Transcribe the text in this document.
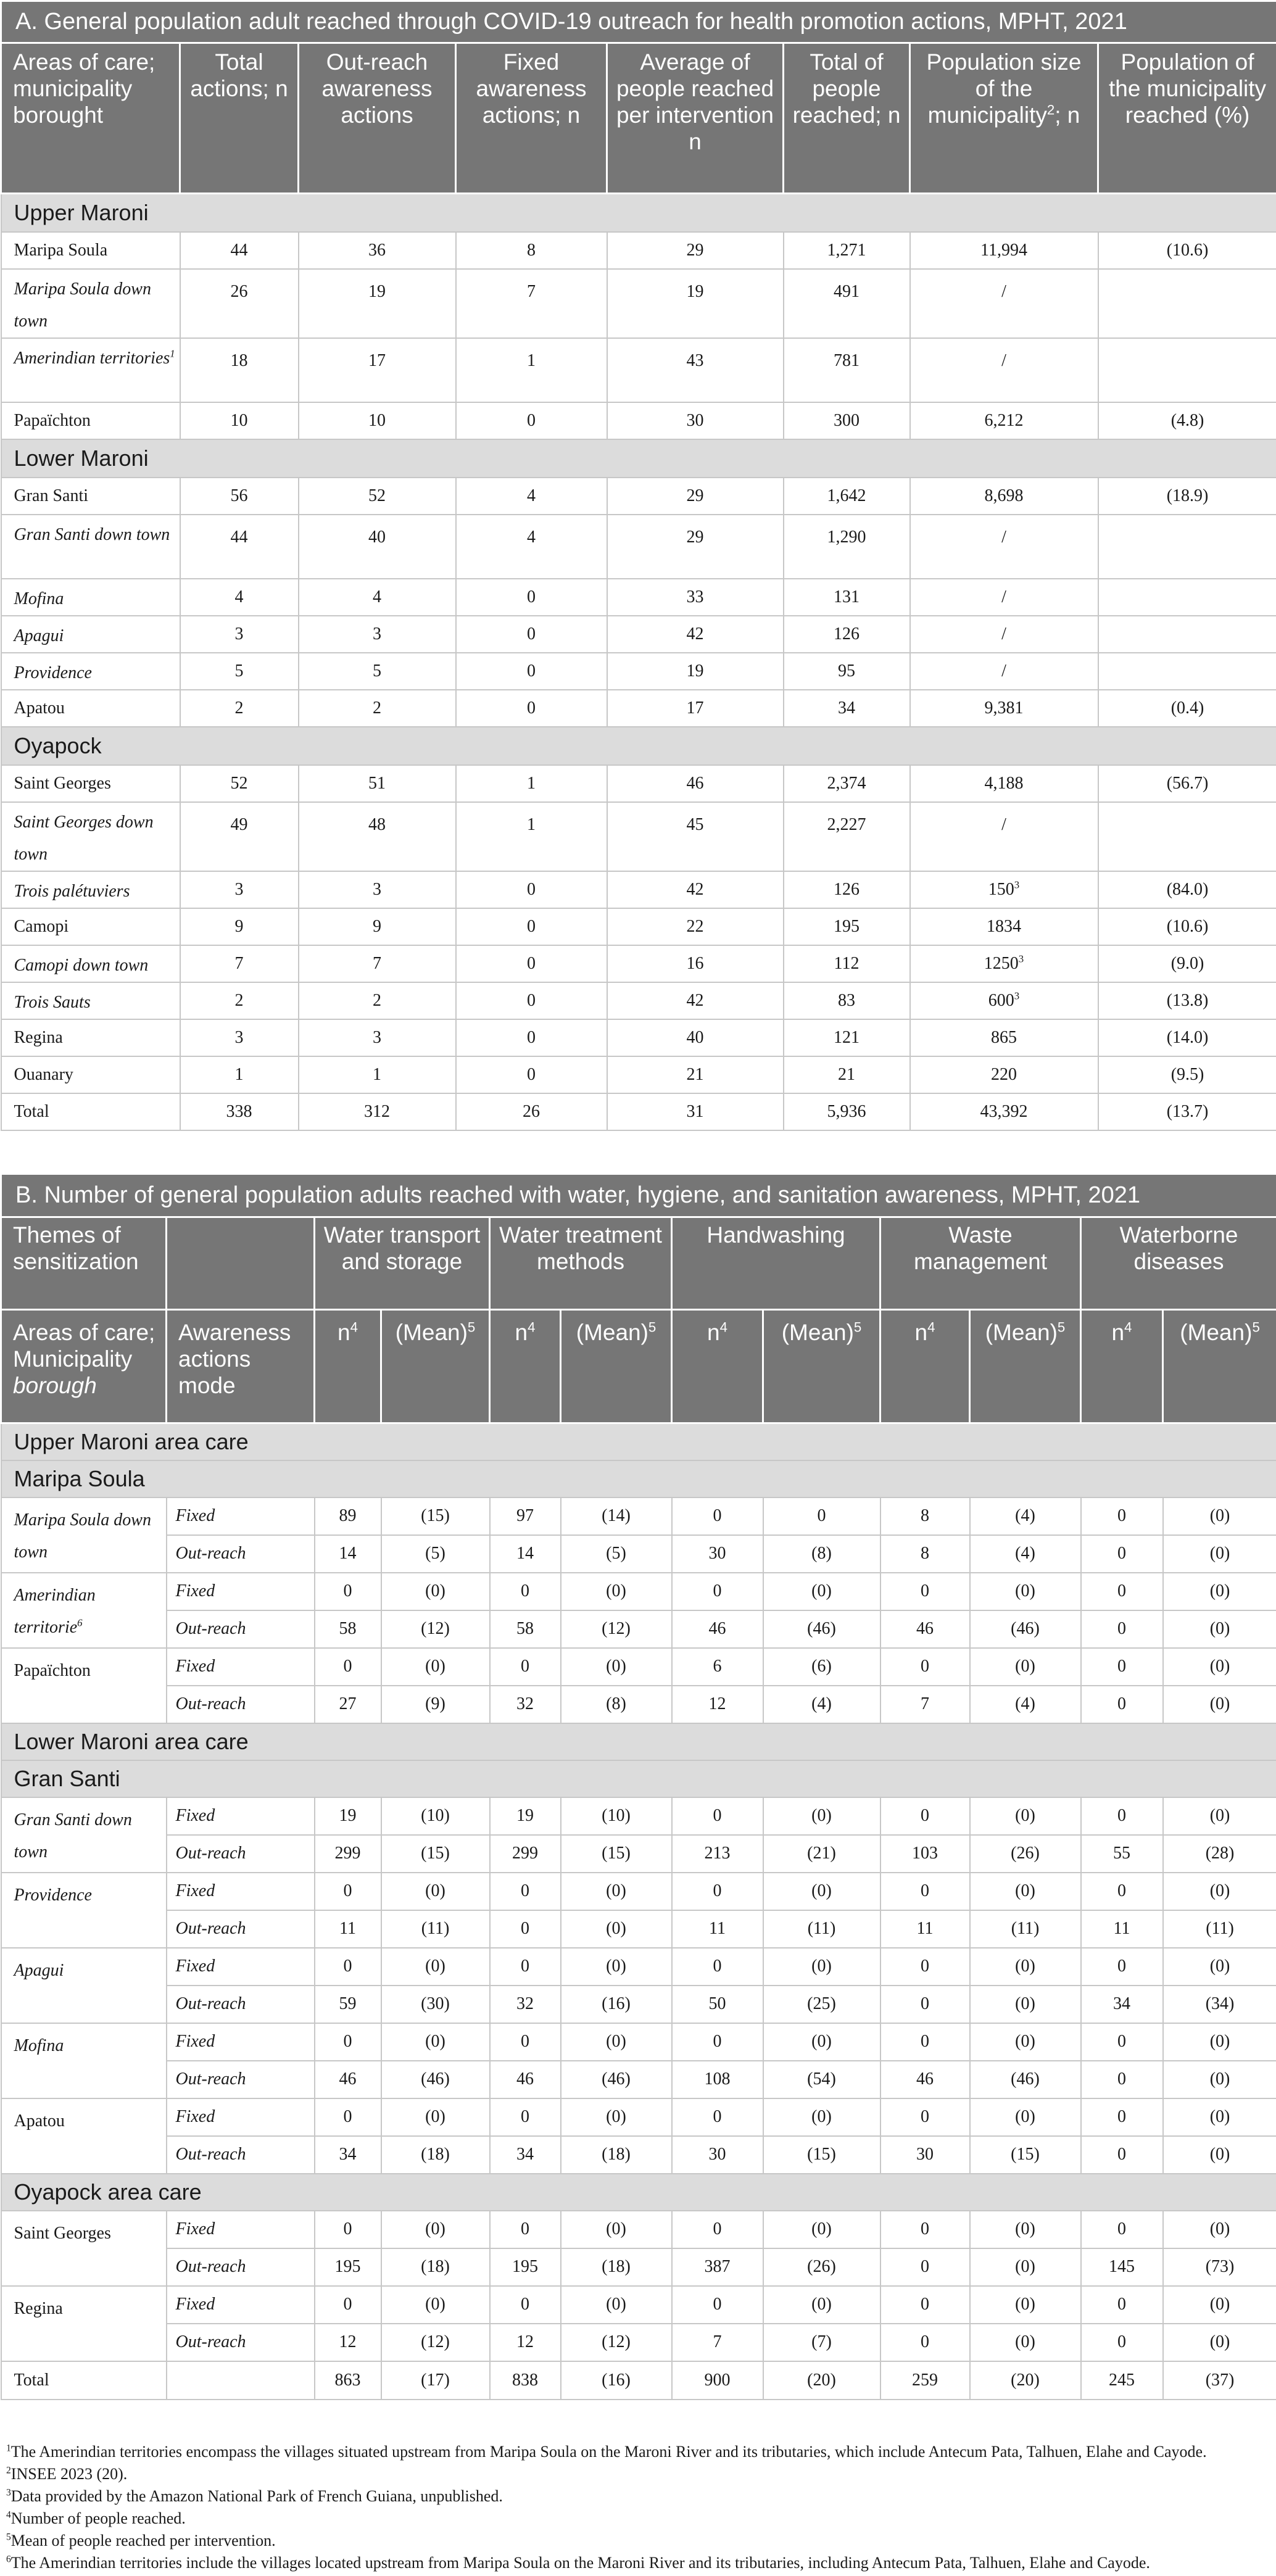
A. General population adult reached through COVID-19 outreach for health promotion actions, MPHT, 2021							
Areas of care; municipality borought	Total actions; n	Out-reach awareness actions	Fixed awareness actions; n	Average of people reached per intervention n	Total of people reached; n	Population size of the municipality$^2$; n	Population of the municipality reached (%)
Upper Maroni							
Maripa Soula	44	36	8	29	1,271	11,994	(10.6)
Maripa Soula down town	26	19	7	19	491	/	
Amerindian territories$^1$	18	17	1	43	781	/	
Papaïchton	10	10	0	30	300	6,212	(4.8)
Lower Maroni							
Gran Santi	56	52	4	29	1,642	8,698	(18.9)
Gran Santi down town	44	40	4	29	1,290	/	
Mofina	4	4	0	33	131	/	
Apagui	3	3	0	42	126	/	
Providence	5	5	0	19	95	/	
Apatou	2	2	0	17	34	9,381	(0.4)
Oyapock							
Saint Georges	52	51	1	46	2,374	4,188	(56.7)
Saint Georges down town	49	48	1	45	2,227	/	
Trois palétuviers	3	3	0	42	126	$150^3$	(84.0)
Camopi	9	9	0	22	195	1834	(10.6)
Camopi down town	7	7	0	16	112	1250$^3$	(9.0)
Trois Sauts	2	2	0	42	83	$600^3$	(13.8)
Regina	3	3	0	40	121	865	(14.0)
Ouanary	1	1	0	21	21	220	(9.5)
Total	338	312	26	31	5,936	43,392	(13.7)
B. Number of general population adults reached with water, hygiene, and sanitation awareness, MPHT, 2021											
Themes of sensitization		Water transport and storage		Water treatment methods		Handwashing		Waste management		Waterborne diseases	
Areas of care; Municipality borough	Awareness actions mode	$n^4$	(Mean)$^5$	$n^4$	(Mean)$^5$	$n^4$	(Mean)$^5$	$n^4$	(Mean)$^5$	$n^4$	(Mean)$^5$
Upper Maroni area care											
Maripa Soula											
Maripa Soula down town	Fixed	89	(15)	97	(14)	0	0	8	(4)	0	(0)
	Out-reach	14	(5)	14	(5)	30	(8)	8	(4)	0	(0)
Amerindian territorie$^6$	Fixed	0	(0)	0	(0)	0	(0)	0	(0)	0	(0)
	Out-reach	58	(12)	58	(12)	46	(46)	46	(46)	0	(0)
Papaïchton	Fixed	0	(0)	0	(0)	6	(6)	0	(0)	0	(0)
	Out-reach	27	(9)	32	(8)	12	(4)	7	(4)	0	(0)
Lower Maroni area care											
Gran Santi											
Gran Santi down town	Fixed	19	(10)	19	(10)	0	(0)	0	(0)	0	(0)
	Out-reach	299	(15)	299	(15)	213	(21)	103	(26)	55	(28)
Providence	Fixed	0	(0)	0	(0)	0	(0)	0	(0)	0	(0)
	Out-reach	11	(11)	0	(0)	11	(11)	11	(11)	11	(11)
Apagui	Fixed	0	(0)	0	(0)	0	(0)	0	(0)	0	(0)
	Out-reach	59	(30)	32	(16)	50	(25)	0	(0)	34	(34)
Mofina	Fixed	0	(0)	0	(0)	0	(0)	0	(0)	0	(0)
	Out-reach	46	(46)	46	(46)	108	(54)	46	(46)	0	(0)
Apatou	Fixed	0	(0)	0	(0)	0	(0)	0	(0)	0	(0)
	Out-reach	34	(18)	34	(18)	30	(15)	30	(15)	0	(0)
Oyapock area care											
Saint Georges	Fixed	0	(0)	0	(0)	0	(0)	0	(0)	0	(0)
	Out-reach	195	(18)	195	(18)	387	(26)	0	(0)	145	(73)
Regina	Fixed	0	(0)	0	(0)	0	(0)	0	(0)	0	(0)
	Out-reach	12	(12)	12	(12)	7	(7)	0	(0)	0	(0)
Total		863	(17)	838	(16)	900	(20)	259	(20)	245	(37)
$^1$The Amerindian territories encompass the villages situated upstream from Maripa Soula on the Maroni River and its tributaries, which include Antecum Pata, Talhuen, Elahe and Cayode.
$^2$INSEE 2023 (20).
$^3$Data provided by the Amazon National Park of French Guiana, unpublished.
$^4$Number of people reached.
$^5$Mean of people reached per intervention.
$^6$The Amerindian territories include the villages located upstream from Maripa Soula on the Maroni River and its tributaries, including Antecum Pata, Talhuen, Elahe and Cayode.
